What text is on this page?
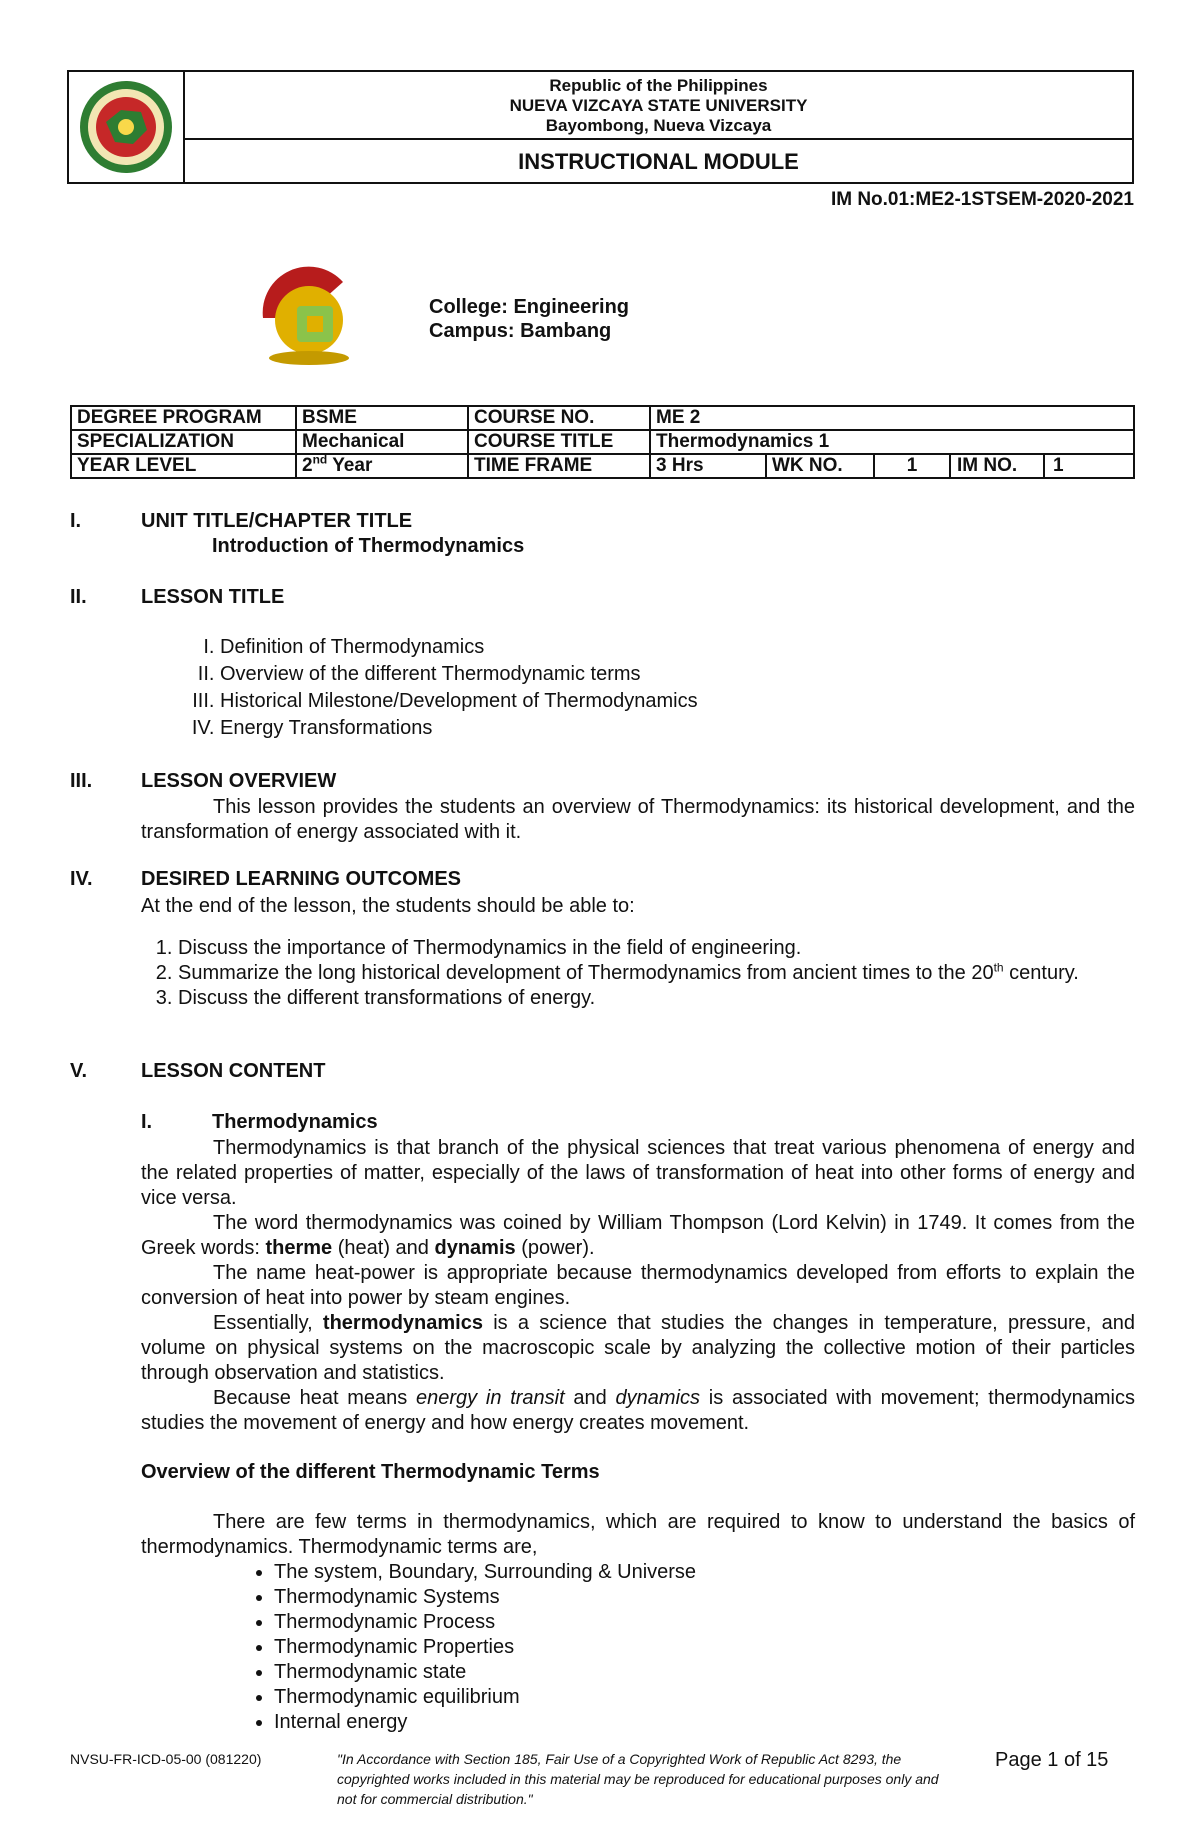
Republic of the Philippines
NUEVA VIZCAYA STATE UNIVERSITY
Bayombong, Nueva Vizcaya
INSTRUCTIONAL MODULE
IM No.01:ME2-1STSEM-2020-2021
College: Engineering
Campus: Bambang
DEGREE PROGRAM	BSME	COURSE NO.	ME 2			
SPECIALIZATION	Mechanical	COURSE TITLE	Thermodynamics 1			
YEAR LEVEL	2nd Year	TIME FRAME	3 Hrs	WK NO.	1	IM NO. 1
I.	UNIT TITLE/CHAPTER TITLE
Introduction of Thermodynamics
II.	LESSON TITLE
I. Definition of Thermodynamics
II. Overview of the different Thermodynamic terms
III. Historical Milestone/Development of Thermodynamics
IV. Energy Transformations
III. LESSON OVERVIEW
This lesson provides the students an overview of Thermodynamics: its historical development, and the transformation of energy associated with it.
IV. DESIRED LEARNING OUTCOMES
At the end of the lesson, the students should be able to:
1. Discuss the importance of Thermodynamics in the field of engineering.
2. Summarize the long historical development of Thermodynamics from ancient times to the 20th century.
3. Discuss the different transformations of energy.
V.	LESSON CONTENT
I.	Thermodynamics
Thermodynamics is that branch of the physical sciences that treat various phenomena of energy and the related properties of matter, especially of the laws of transformation of heat into other forms of energy and vice versa.
The word thermodynamics was coined by William Thompson (Lord Kelvin) in 1749. It comes from the Greek words: therme (heat) and dynamis (power).
The name heat-power is appropriate because thermodynamics developed from efforts to explain the conversion of heat into power by steam engines.
Essentially, thermodynamics is a science that studies the changes in temperature, pressure, and volume on physical systems on the macroscopic scale by analyzing the collective motion of their particles through observation and statistics.
Because heat means energy in transit and dynamics is associated with movement; thermodynamics studies the movement of energy and how energy creates movement.
Overview of the different Thermodynamic Terms
There are few terms in thermodynamics, which are required to know to understand the basics of thermodynamics. Thermodynamic terms are,
• The system, Boundary, Surrounding & Universe
• Thermodynamic Systems
• Thermodynamic Process
• Thermodynamic Properties
• Thermodynamic state
• Thermodynamic equilibrium
• Internal energy
NVSU-FR-ICD-05-00 (081220)	"In Accordance with Section 185, Fair Use of a Copyrighted Work of Republic Act 8293, the copyrighted works included in this material may be reproduced for educational purposes only and not for commercial distribution."
Page 1 of 15
